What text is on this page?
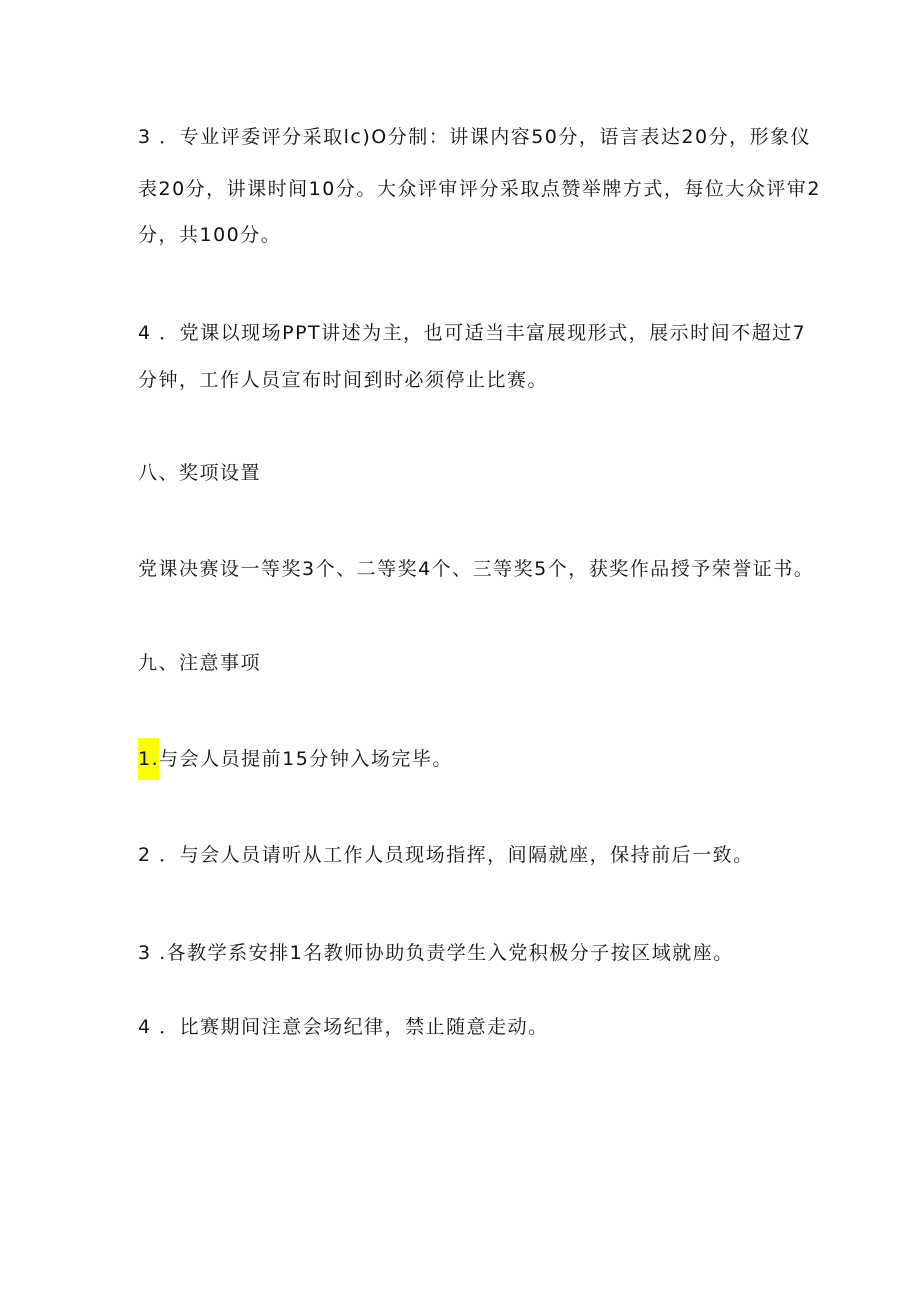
3 ．专业评委评分采取lc)O分制：讲课内容50分，语言表达20分，形象仪

表20分，讲课时间10分。大众评审评分采取点赞举牌方式，每位大众评审2

分，共100分。

4 ．党课以现场PPT讲述为主，也可适当丰富展现形式，展示时间不超过7

分钟，工作人员宣布时间到时必须停止比赛。

八、奖项设置

党课决赛设一等奖3个、二等奖4个、三等奖5个，获奖作品授予荣誉证书。

九、注意事项

1.与会人员提前15分钟入场完毕。

2 ．与会人员请听从工作人员现场指挥，间隔就座，保持前后一致。

3 .各教学系安排1名教师协助负责学生入党积极分子按区域就座。

4 ．比赛期间注意会场纪律，禁止随意走动。
